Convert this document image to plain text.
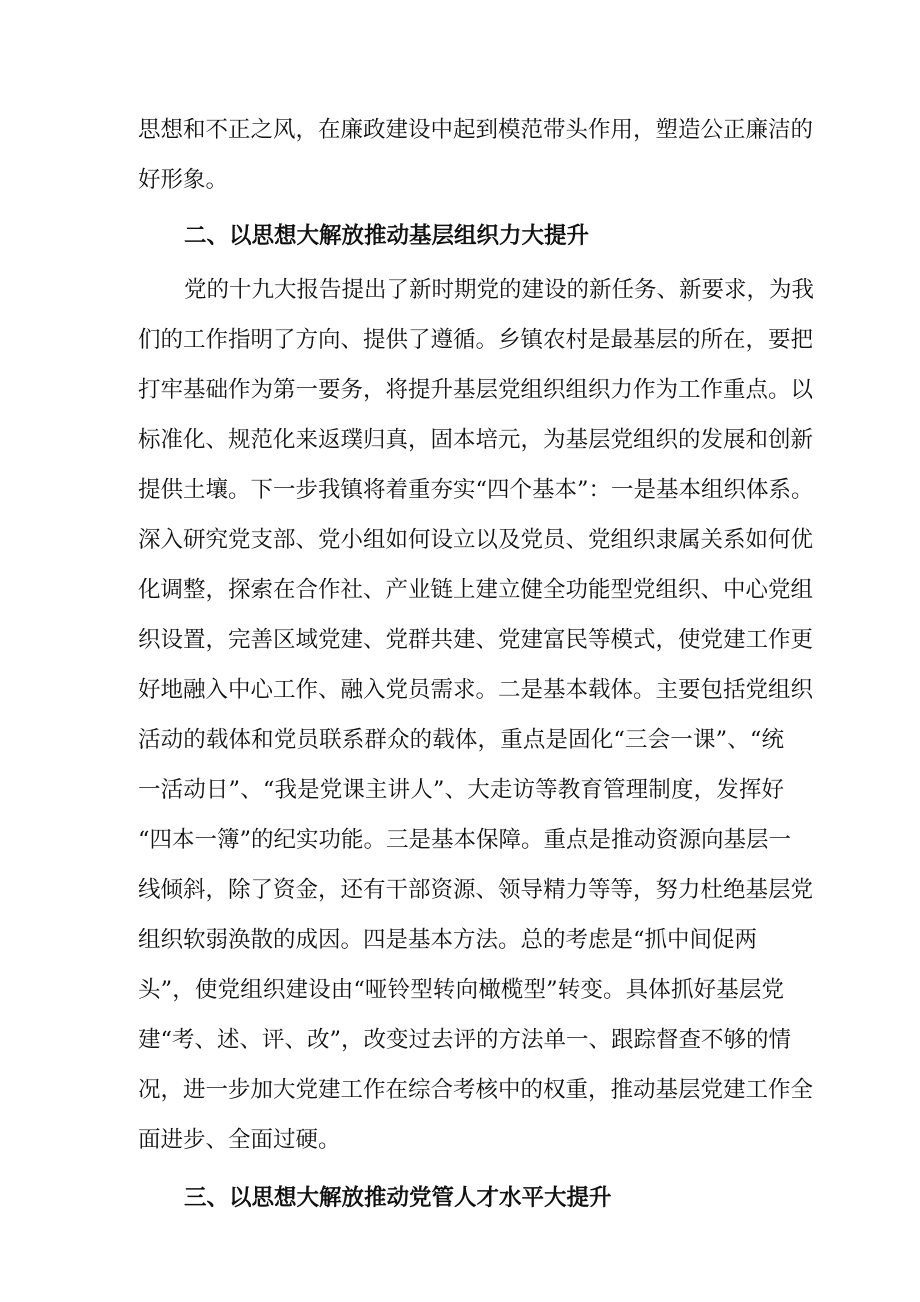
思想和不正之风，在廉政建设中起到模范带头作用，塑造公正廉洁的
好形象。
二、以思想大解放推动基层组织力大提升
党的十九大报告提出了新时期党的建设的新任务、新要求，为我
们的工作指明了方向、提供了遵循。乡镇农村是最基层的所在，要把
打牢基础作为第一要务，将提升基层党组织组织力作为工作重点。以
标准化、规范化来返璞归真，固本培元，为基层党组织的发展和创新
提供土壤。下一步我镇将着重夯实“四个基本”：一是基本组织体系。
深入研究党支部、党小组如何设立以及党员、党组织隶属关系如何优
化调整，探索在合作社、产业链上建立健全功能型党组织、中心党组
织设置，完善区域党建、党群共建、党建富民等模式，使党建工作更
好地融入中心工作、融入党员需求。二是基本载体。主要包括党组织
活动的载体和党员联系群众的载体，重点是固化“三会一课”、“统
一活动日”、“我是党课主讲人”、大走访等教育管理制度，发挥好
“四本一簿”的纪实功能。三是基本保障。重点是推动资源向基层一
线倾斜，除了资金，还有干部资源、领导精力等等，努力杜绝基层党
组织软弱涣散的成因。四是基本方法。总的考虑是“抓中间促两
头”，使党组织建设由“哑铃型转向橄榄型”转变。具体抓好基层党
建“考、述、评、改”，改变过去评的方法单一、跟踪督查不够的情
况，进一步加大党建工作在综合考核中的权重，推动基层党建工作全
面进步、全面过硬。
三、以思想大解放推动党管人才水平大提升
